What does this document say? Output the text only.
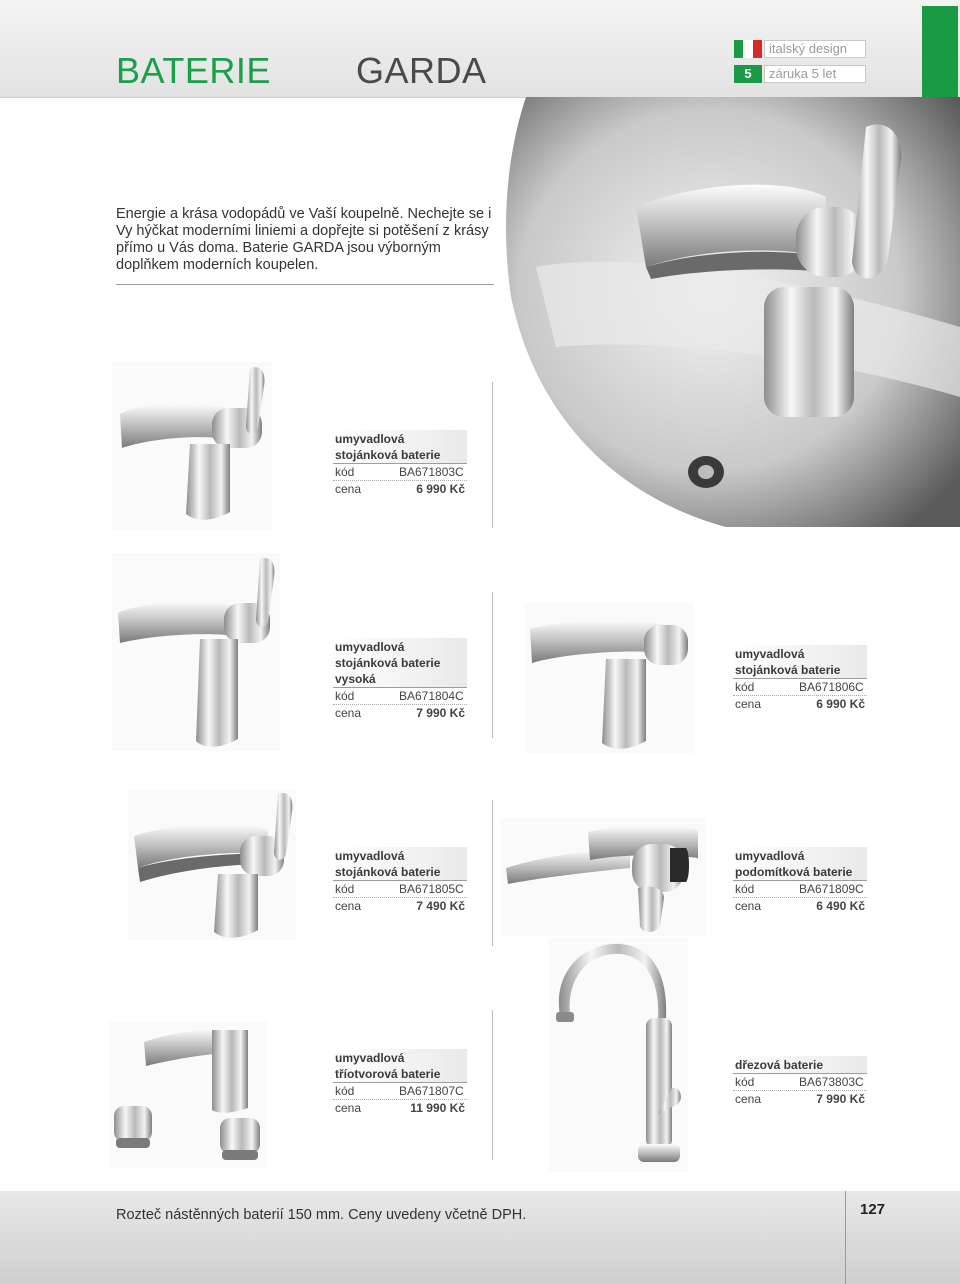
BATERIE GARDA
italský design
5	záruka 5 let
Energie a krása vodopádů ve Vaší koupelně. Nechejte se i Vy hýčkat moderními liniemi a dopřejte si potěšení z krásy přímo u Vás doma. Baterie GARDA jsou výborným doplňkem moderních koupelen.
umyvadlová stojánková baterie
kód	BA671803C
cena	6 990 Kč
umyvadlová stojánková baterie vysoká
kód	BA671804C
cena	7 990 Kč
umyvadlová stojánková baterie
kód	BA671806C
cena	6 990 Kč
umyvadlová stojánková baterie
kód	BA671805C
cena	7 490 Kč
umyvadlová podomítková baterie
kód	BA671809C
cena	6 490 Kč
umyvadlová tříotvorová baterie
kód	BA671807C
cena	11 990 Kč
dřezová baterie
kód	BA673803C
cena	7 990 Kč
Rozteč nástěnných baterií 150 mm. Ceny uvedeny včetně DPH.	127
